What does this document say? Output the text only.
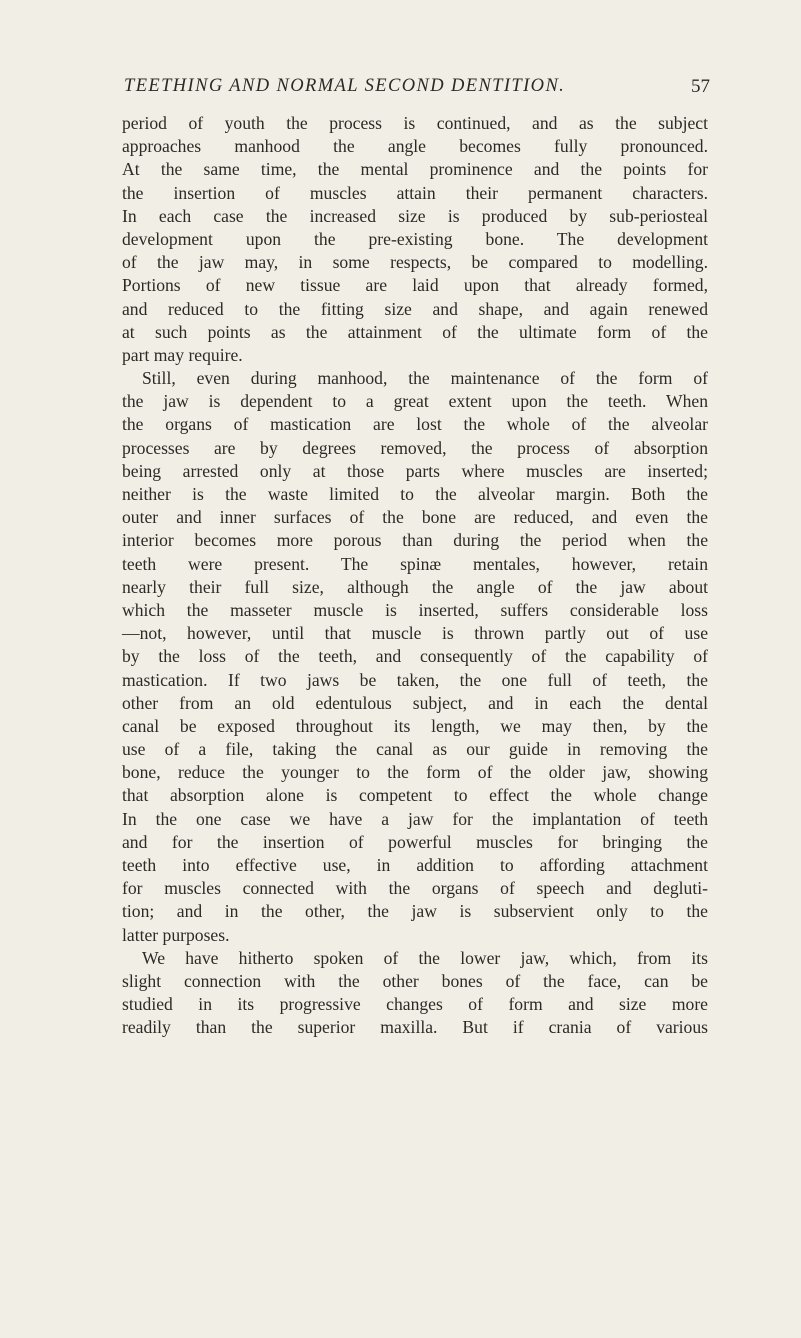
TEETHING AND NORMAL SECOND DENTITION.	57
period of youth the process is continued, and as the subject
approaches manhood the angle becomes fully pronounced.
At the same time, the mental prominence and the points for
the insertion of muscles attain their permanent characters.
In each case the increased size is produced by sub-periosteal
development upon the pre-existing bone. The development
of the jaw may, in some respects, be compared to modelling.
Portions of new tissue are laid upon that already formed,
and reduced to the fitting size and shape, and again renewed
at such points as the attainment of the ultimate form of the
part may require.
Still, even during manhood, the maintenance of the form of
the jaw is dependent to a great extent upon the teeth. When
the organs of mastication are lost the whole of the alveolar
processes are by degrees removed, the process of absorption
being arrested only at those parts where muscles are inserted;
neither is the waste limited to the alveolar margin. Both the
outer and inner surfaces of the bone are reduced, and even the
interior becomes more porous than during the period when the
teeth were present. The spinæ mentales, however, retain
nearly their full size, although the angle of the jaw about
which the masseter muscle is inserted, suffers considerable loss
—not, however, until that muscle is thrown partly out of use
by the loss of the teeth, and consequently of the capability of
mastication. If two jaws be taken, the one full of teeth, the
other from an old edentulous subject, and in each the dental
canal be exposed throughout its length, we may then, by the
use of a file, taking the canal as our guide in removing the
bone, reduce the younger to the form of the older jaw, showing
that absorption alone is competent to effect the whole change
In the one case we have a jaw for the implantation of teeth
and for the insertion of powerful muscles for bringing the
teeth into effective use, in addition to affording attachment
for muscles connected with the organs of speech and degluti-
tion; and in the other, the jaw is subservient only to the
latter purposes.
We have hitherto spoken of the lower jaw, which, from its
slight connection with the other bones of the face, can be
studied in its progressive changes of form and size more
readily than the superior maxilla. But if crania of various
